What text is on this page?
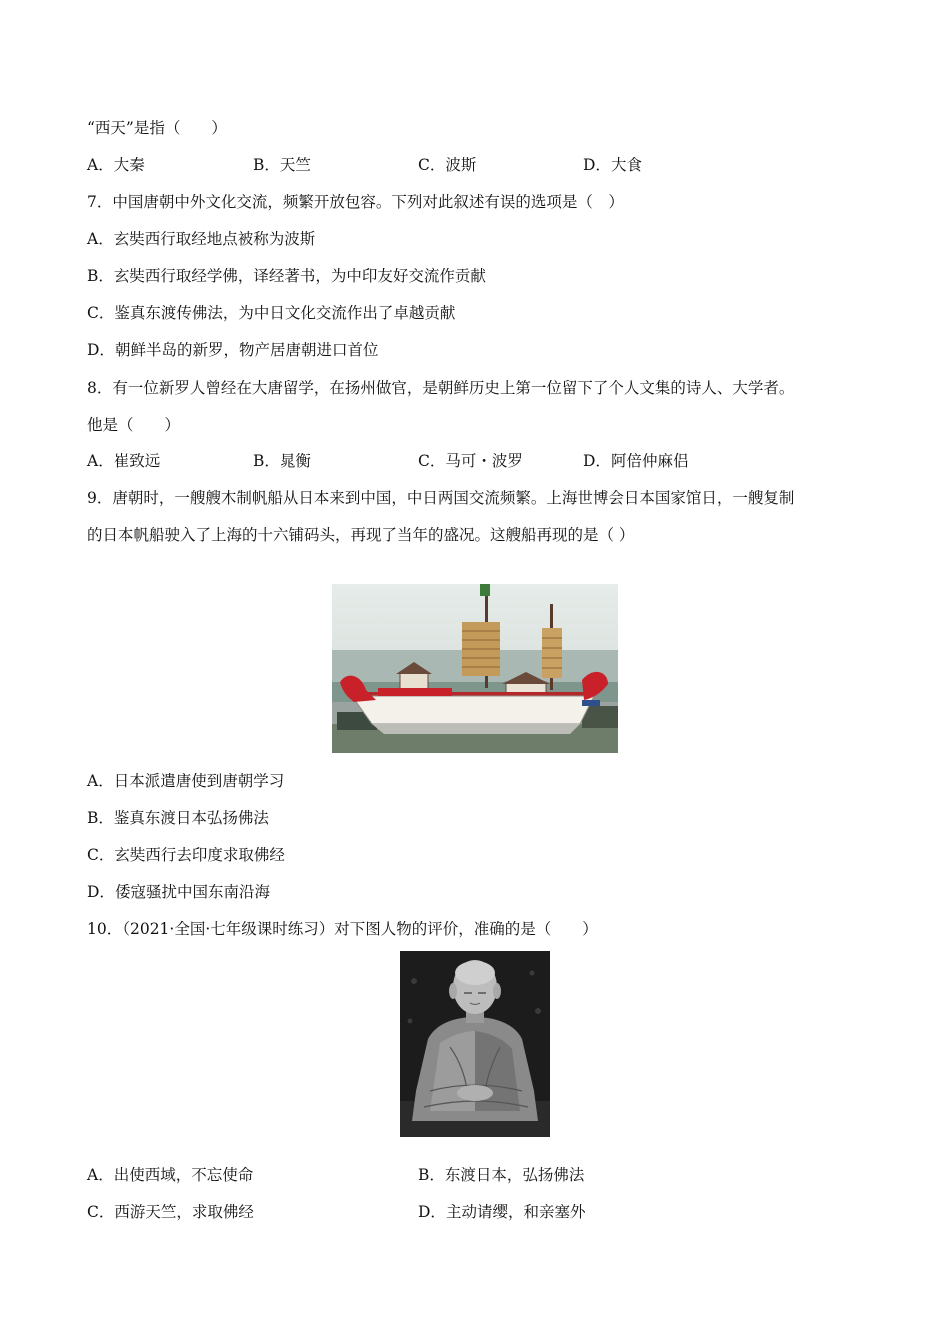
“西天”是指（　　）
A．大秦	B．天竺	C．波斯	D．大食
7．中国唐朝中外文化交流，频繁开放包容。下列对此叙述有误的选项是（　）
A．玄奘西行取经地点被称为波斯
B．玄奘西行取经学佛，译经著书，为中印友好交流作贡献
C．鉴真东渡传佛法，为中日文化交流作出了卓越贡献
D．朝鲜半岛的新罗，物产居唐朝进口首位
8．有一位新罗人曾经在大唐留学，在扬州做官，是朝鲜历史上第一位留下了个人文集的诗人、大学者。
他是（　　）
A．崔致远	B．晁衡	C．马可・波罗	D．阿倍仲麻侣
9．唐朝时，一艘艘木制帆船从日本来到中国，中日两国交流频繁。上海世博会日本国家馆日，一艘复制
的日本帆船驶入了上海的十六铺码头，再现了当年的盛况。这艘船再现的是（ ）
A．日本派遣唐使到唐朝学习
B．鉴真东渡日本弘扬佛法
C．玄奘西行去印度求取佛经
D．倭寇骚扰中国东南沿海
10．（2021·全国·七年级课时练习）对下图人物的评价，准确的是（　　）
A．出使西域，不忘使命	B．东渡日本，弘扬佛法
C．西游天竺，求取佛经	D．主动请缨，和亲塞外
